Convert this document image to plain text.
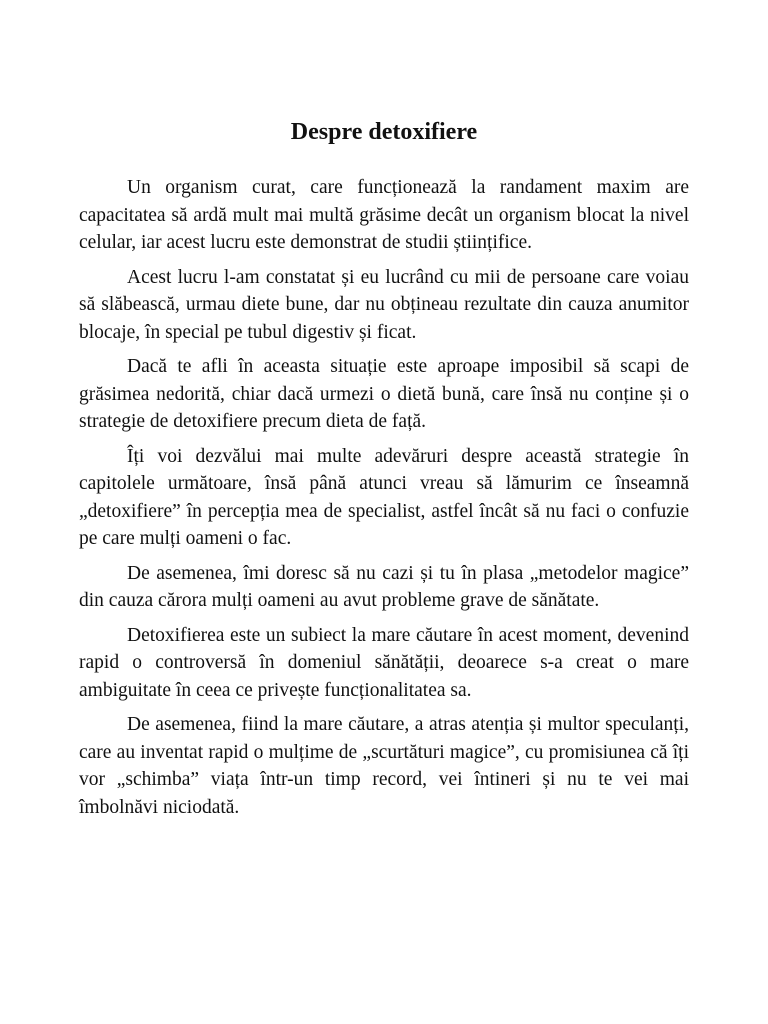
Despre detoxifiere

Un organism curat, care funcționează la randament maxim are capacitatea să ardă mult mai multă grăsime decât un organism blocat la nivel celular, iar acest lucru este demonstrat de studii științifice.

Acest lucru l-am constatat și eu lucrând cu mii de persoane care voiau să slăbească, urmau diete bune, dar nu obțineau rezultate din cauza anumitor blocaje, în special pe tubul digestiv și ficat.

Dacă te afli în aceasta situație este aproape imposibil să scapi de grăsimea nedorită, chiar dacă urmezi o dietă bună, care însă nu conține și o strategie de detoxifiere precum dieta de față.

Îți voi dezvălui mai multe adevăruri despre această strategie în capitolele următoare, însă până atunci vreau să lămurim ce înseamnă „detoxifiere” în percepția mea de specialist, astfel încât să nu faci o confuzie pe care mulți oameni o fac.

De asemenea, îmi doresc să nu cazi și tu în plasa „metodelor magice” din cauza cărora mulți oameni au avut probleme grave de sănătate.

Detoxifierea este un subiect la mare căutare în acest moment, devenind rapid o controversă în domeniul sănătății, deoarece s-a creat o mare ambiguitate în ceea ce privește funcționalitatea sa.

De asemenea, fiind la mare căutare, a atras atenția și multor speculanți, care au inventat rapid o mulțime de „scurtături magice”, cu promisiunea că îți vor „schimba” viața într-un timp record, vei întineri și nu te vei mai îmbolnăvi niciodată.
